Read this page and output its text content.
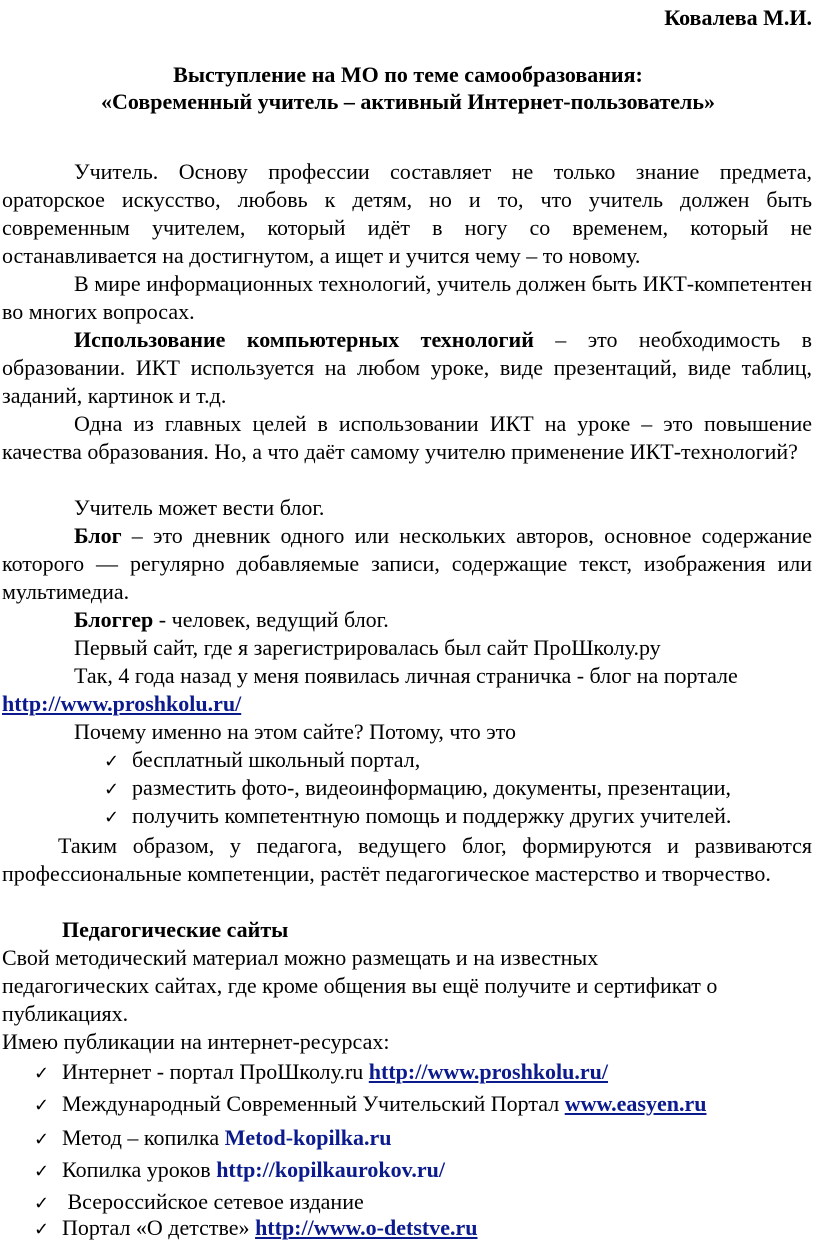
Ковалева М.И.
Выступление на МО по теме самообразования:
«Современный учитель – активный Интернет-пользователь»

Учитель. Основу профессии составляет не только знание предмета, ораторское искусство, любовь к детям, но и то, что учитель должен быть современным учителем, который идёт в ногу со временем, который не останавливается на достигнутом, а ищет и учится чему – то новому.

В мире информационных технологий, учитель должен быть ИКТ-компетентен во многих вопросах.

Использование компьютерных технологий – это необходимость в образовании. ИКТ используется на любом уроке, виде презентаций, виде таблиц, заданий, картинок и т.д.

Одна из главных целей в использовании ИКТ на уроке – это повышение качества образования. Но, а что даёт самому учителю применение ИКТ-технологий?

Учитель может вести блог.

Блог – это дневник одного или нескольких авторов, основное содержание которого — регулярно добавляемые записи, содержащие текст, изображения или мультимедиа.

Блоггер - человек, ведущий блог.

Первый сайт, где я зарегистрировалась был сайт ПроШколу.ру

Так, 4 года назад у меня появилась личная страничка - блог на портале
http://www.proshkolu.ru/

Почему именно на этом сайте? Потому, что это

✓ бесплатный школьный портал,
✓ разместить фото-, видеоинформацию, документы, презентации,
✓ получить компетентную помощь и поддержку других учителей.

Таким образом, у педагога, ведущего блог, формируются и развиваются профессиональные компетенции, растёт педагогическое мастерство и творчество.

Педагогические сайты
Свой методический материал можно размещать и на известных
педагогических сайтах, где кроме общения вы ещё получите и сертификат о
публикациях.
Имею публикации на интернет-ресурсах:
✓ Интернет - портал ПроШколу.ru http://www.proshkolu.ru/
✓ Международный Современный Учительский Портал www.easyen.ru
✓ Метод – копилка Metod-kopilka.ru
✓ Копилка уроков http://kopilkaurokov.ru/
✓ Всероссийское сетевое издание
✓ Портал «О детстве» http://www.o-detstve.ru
